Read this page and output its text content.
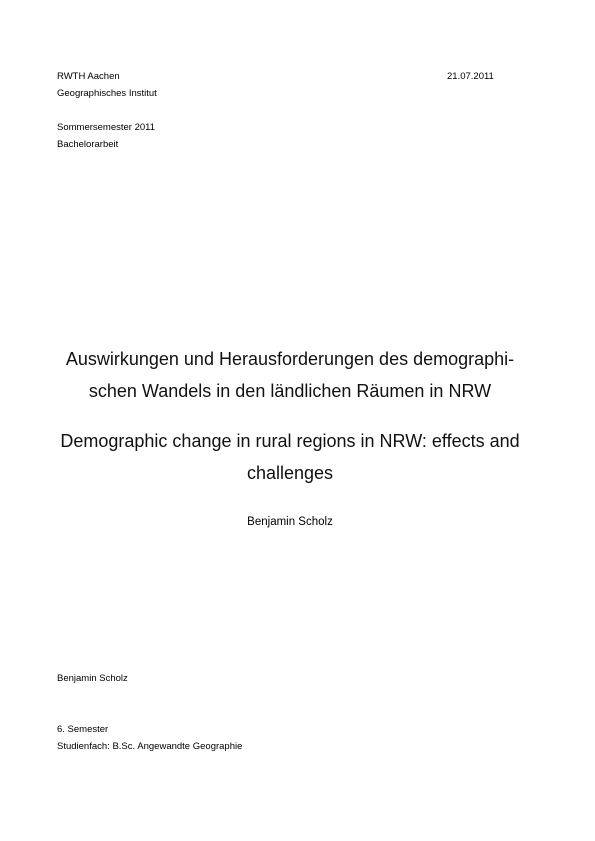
RWTH Aachen	21.07.2011
Geographisches Institut
Sommersemester 2011
Bachelorarbeit
Auswirkungen und Herausforderungen des demographi-
schen Wandels in den ländlichen Räumen in NRW
Demographic change in rural regions in NRW: effects and
challenges
Benjamin Scholz
Benjamin Scholz
6. Semester
Studienfach: B.Sc. Angewandte Geographie
